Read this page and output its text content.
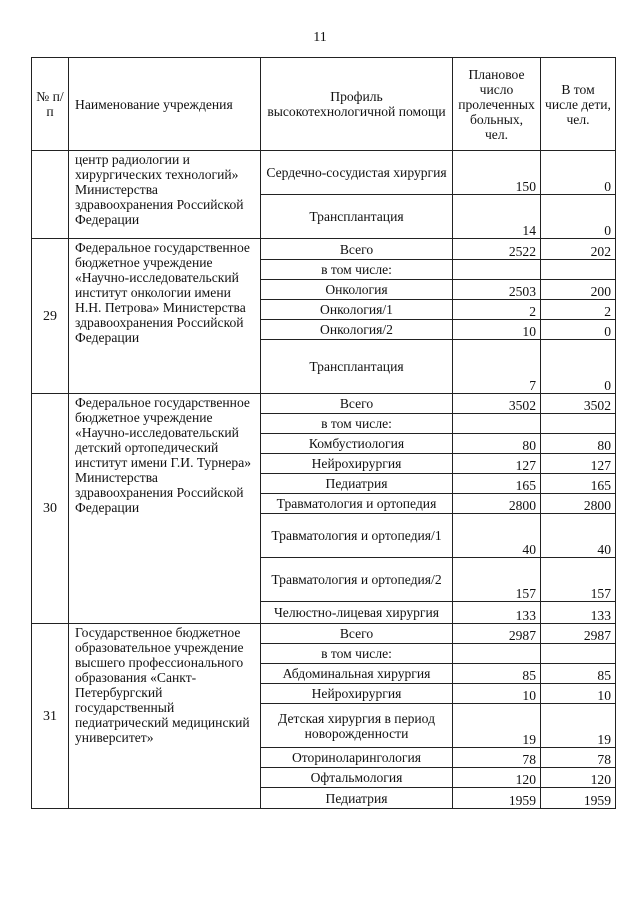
11
№ п/п	Наименование учреждения	Профиль высокотехнологичной помощи	Плановое число пролеченных больных, чел.	В том числе дети, чел.
	центр радиологии и хирургических технологий» Министерства здравоохранения Российской Федерации	Сердечно-сосудистая хирургия	150	0
		Трансплантация	14	0
29	Федеральное государственное бюджетное учреждение «Научно-исследовательский институт онкологии имени Н.Н. Петрова» Министерства здравоохранения Российской Федерации	Всего	2522	202
		в том числе:		
		Онкология	2503	200
		Онкология/1	2	2
		Онкология/2	10	0
		Трансплантация	7	0
30	Федеральное государственное бюджетное учреждение «Научно-исследовательский детский ортопедический институт имени Г.И. Турнера» Министерства здравоохранения Российской Федерации	Всего	3502	3502
		в том числе:		
		Комбустиология	80	80
		Нейрохирургия	127	127
		Педиатрия	165	165
		Травматология и ортопедия	2800	2800
		Травматология и ортопедия/1	40	40
		Травматология и ортопедия/2	157	157
		Челюстно-лицевая хирургия	133	133
31	Государственное бюджетное образовательное учреждение высшего профессионального образования «Санкт-Петербургский государственный педиатрический медицинский университет»	Всего	2987	2987
		в том числе:		
		Абдоминальная хирургия	85	85
		Нейрохирургия	10	10
		Детская хирургия в период новорожденности	19	19
		Оториноларингология	78	78
		Офтальмология	120	120
		Педиатрия	1959	1959
